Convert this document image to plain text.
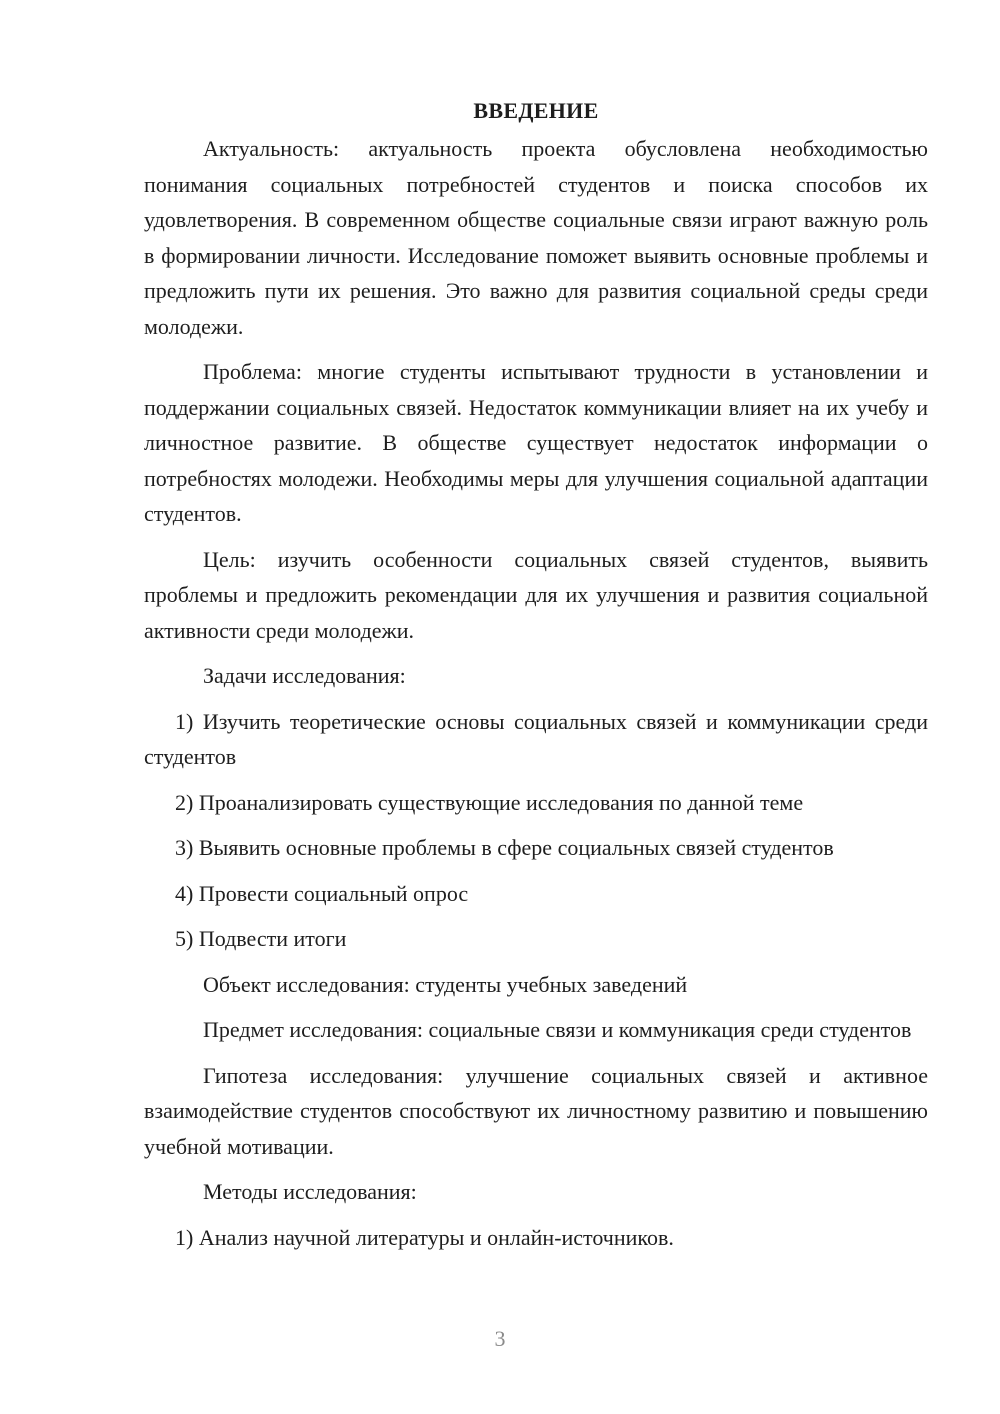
ВВЕДЕНИЕ

Актуальность: актуальность проекта обусловлена необходимостью понимания социальных потребностей студентов и поиска способов их удовлетворения. В современном обществе социальные связи играют важную роль в формировании личности. Исследование поможет выявить основные проблемы и предложить пути их решения. Это важно для развития социальной среды среди молодежи.

Проблема: многие студенты испытывают трудности в установлении и поддержании социальных связей. Недостаток коммуникации влияет на их учебу и личностное развитие. В обществе существует недостаток информации о потребностях молодежи. Необходимы меры для улучшения социальной адаптации студентов.

Цель: изучить особенности социальных связей студентов, выявить проблемы и предложить рекомендации для их улучшения и развития социальной активности среди молодежи.

Задачи исследования:

1) Изучить теоретические основы социальных связей и коммуникации среди студентов

2) Проанализировать существующие исследования по данной теме

3) Выявить основные проблемы в сфере социальных связей студентов

4) Провести социальный опрос

5) Подвести итоги

Объект исследования: студенты учебных заведений

Предмет исследования: социальные связи и коммуникация среди студентов

Гипотеза исследования: улучшение социальных связей и активное взаимодействие студентов способствуют их личностному развитию и повышению учебной мотивации.

Методы исследования:

1) Анализ научной литературы и онлайн-источников.

3
